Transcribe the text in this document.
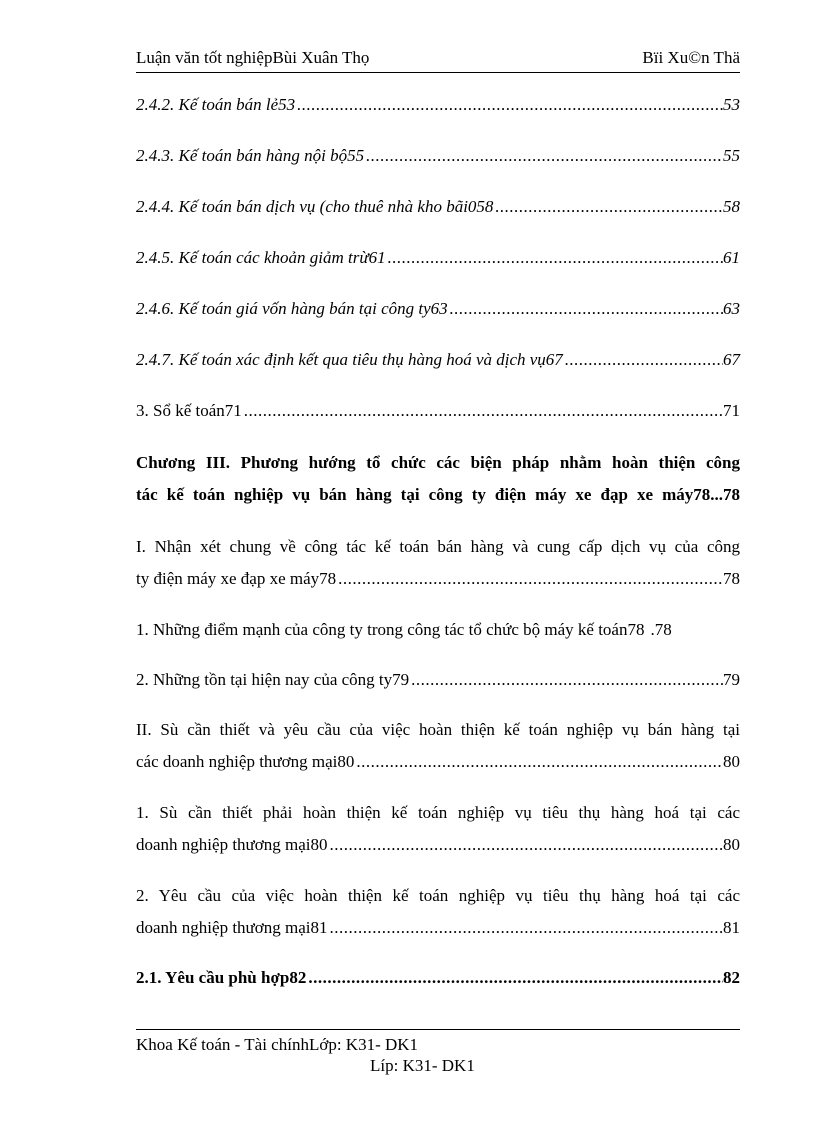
Luận văn tốt nghiệpBùi Xuân Thọ	Bïi Xu©n Thä
2.4.2. Kế toán bán lẻ53 .....	53
2.4.3. Kế toán bán hàng nội bộ55 .....	55
2.4.4. Kế toán bán dịch vụ (cho thuê nhà kho bãi058 .....	58
2.4.5. Kế toán các khoản giảm trừ61 .....	61
2.4.6. Kế toán giá vốn hàng bán tại công ty63 .....	63
2.4.7. Kế toán xác định kết qua tiêu thụ hàng hoá và dịch vụ67 .....	67
3. Sổ kế toán71 .....	71
Chương III. Phương hướng tổ chức các biện pháp nhằm hoàn thiện công
tác kế toán nghiệp vụ bán hàng tại công ty điện máy xe đạp xe máy78...78
I. Nhận xét chung về công tác kế toán bán hàng và cung cấp dịch vụ của công
ty điện máy xe đạp xe máy78 .....	78
1. Những điểm mạnh của công ty trong công tác tổ chức bộ máy kế toán78 .78
2. Những tồn tại hiện nay của công ty79 .....	79
II. Sù cần thiết và yêu cầu của việc hoàn thiện kế toán nghiệp vụ bán hàng tại
các doanh nghiệp thương mại80 .....	80
1. Sù cần thiết phải hoàn thiện kế toán nghiệp vụ tiêu thụ hàng hoá tại các
doanh nghiệp thương mại80 .....	80
2. Yêu cầu của việc hoàn thiện kế toán nghiệp vụ tiêu thụ hàng hoá tại các
doanh nghiệp thương mại81 .....	81
2.1. Yêu cầu phù hợp82 .....	82
Khoa Kế toán - Tài chínhLớp: K31- DK1
Líp: K31- DK1
